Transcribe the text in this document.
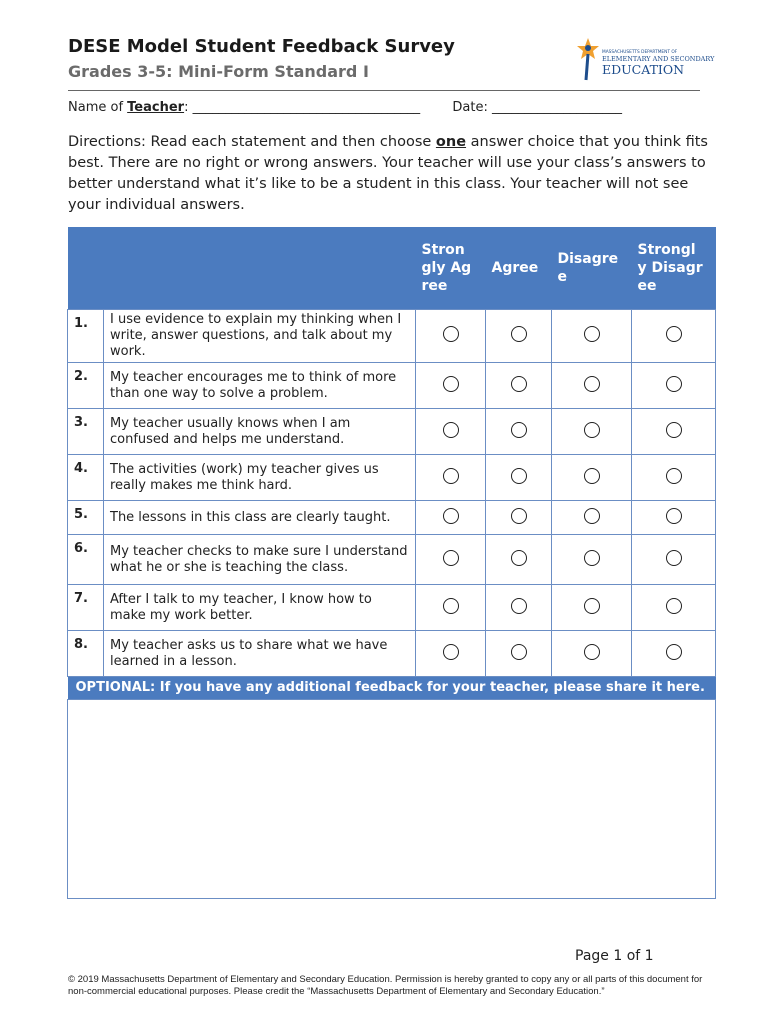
DESE Model Student Feedback Survey
Grades 3-5: Mini-Form Standard I
MASSACHUSETTS DEPARTMENT OF
ELEMENTARY AND SECONDARY
EDUCATION
Name of Teacher: ___________________________________ Date: ____________________
Directions: Read each statement and then choose one answer choice that you think fits best. There are no right or wrong answers. Your teacher will use your class’s answers to better understand what it’s like to be a student in this class. Your teacher will not see your individual answers.

		Strongly Agree	Agree	Disagree	Strongly Disagree

1.	I use evidence to explain my thinking when I write, answer questions, and talk about my work.				
2.	My teacher encourages me to think of more than one way to solve a problem.				
3.	My teacher usually knows when I am confused and helps me understand.				
4.	The activities (work) my teacher gives us really makes me think hard.				
5.	The lessons in this class are clearly taught.				
6.	My teacher checks to make sure I understand what he or she is teaching the class.				
7.	After I talk to my teacher, I know how to make my work better.				
8.	My teacher asks us to share what we have learned in a lesson.				
OPTIONAL: If you have any additional feedback for your teacher, please share it here.					

Page 1 of 1
© 2019 Massachusetts Department of Elementary and Secondary Education. Permission is hereby granted to copy any or all parts of this document for non-commercial educational purposes. Please credit the “Massachusetts Department of Elementary and Secondary Education.”
